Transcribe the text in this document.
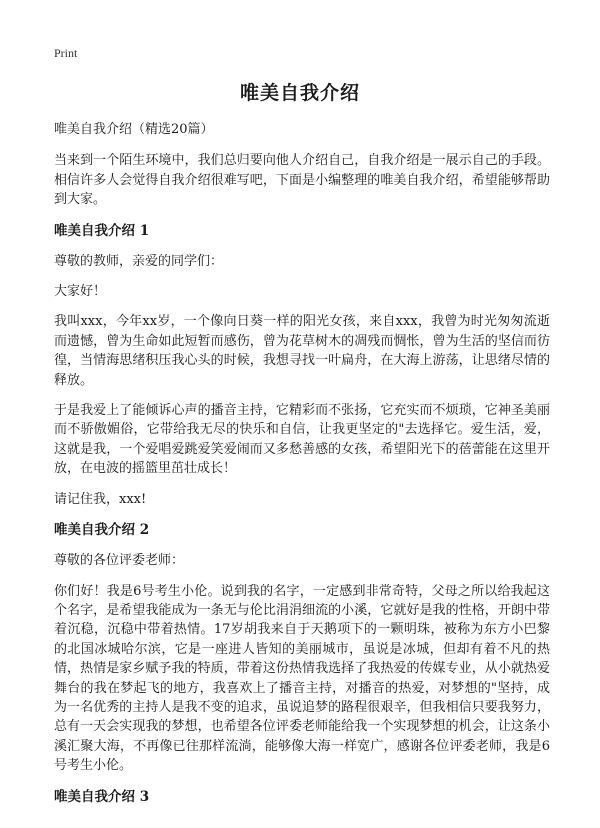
Print
唯美自我介绍

唯美自我介绍（精选20篇）

当来到一个陌生环境中，我们总归要向他人介绍自己，自我介绍是一展示自己的手段。相信许多人会觉得自我介绍很难写吧，下面是小编整理的唯美自我介绍，希望能够帮助到大家。

唯美自我介绍 1

尊敬的教师，亲爱的同学们：

大家好！

我叫xxx，今年xx岁，一个像向日葵一样的阳光女孩，来自xxx，我曾为时光匆匆流逝而遗憾，曾为生命如此短暂而感伤，曾为花草树木的凋残而惆怅，曾为生活的坚信而彷徨，当情海思绪积压我心头的时候，我想寻找一叶扁舟，在大海上游荡，让思绪尽情的释放。

于是我爱上了能倾诉心声的播音主持，它精彩而不张扬，它充实而不烦琐，它神圣美丽而不骄傲媚俗，它带给我无尽的快乐和自信，让我更坚定的"去选择它。爱生活，爱，这就是我，一个爱唱爱跳爱笑爱闹而又多愁善感的女孩，希望阳光下的蓓蕾能在这里开放，在电波的摇篮里茁壮成长！

请记住我，xxx!

唯美自我介绍 2

尊敬的各位评委老师：

你们好！我是6号考生小伦。说到我的名字，一定感到非常奇特，父母之所以给我起这个名字，是希望我能成为一条无与伦比涓涓细流的小溪，它就好是我的性格，开朗中带着沉稳，沉稳中带着热情。17岁胡我来自于天鹅项下的一颗明珠，被称为东方小巴黎的北国冰城哈尔滨，它是一座进人皆知的美丽城市，虽说是冰城，但却有着不凡的热情，热情是家乡赋予我的特质，带着这份热情我选择了我热爱的传媒专业，从小就热爱舞台的我在梦起飞的地方，我喜欢上了播音主持，对播音的热爱，对梦想的"坚持，成为一名优秀的主持人是我不变的追求，虽说追梦的路程很艰辛，但我相信只要我努力，总有一天会实现我的梦想，也希望各位评委老师能给我一个实现梦想的机会，让这条小溪汇聚大海，不再像已往那样流淌，能够像大海一样宽广，感谢各位评委老师，我是6号考生小伦。

唯美自我介绍 3
